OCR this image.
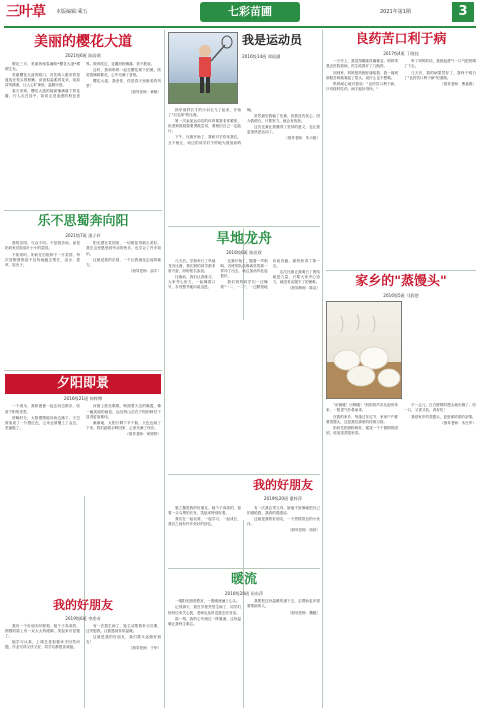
三叶草 本版编辑:乘五	七彩苗圃	2021年第1期	3
美丽的樱花大道
2021级6班 陈雨萌

假花三月，美丽热闹春满路*樱花大道*熠熠生光。

美丽樱花大道的路口，首先映入眼帘的是盛放在枝头的粉嫩，淡淡似温柔的花朵，宛如清风拂面，让人心旷神怡，温暖可爱。

春天来到，樱花大道的地面铺满落下的花瓣，行人走在其中，如同走进浪漫的粉色世界。微风吹过，花瓣纷纷飘落，美不胜收。

这时，我和妈妈一起在樱花树下拍照，欣赏着满树繁花，心中充满了喜悦。

樱花大道，我爱你，你是春天里最美的风景！

（指导老师：黄敏）
乐不思蜀奔向阳
2021级7班 邵子轩

我的乐园，与众不同。不是游乐场，而是奶奶家后院那片小小的菜园。

不知何时，奶奶在后院种下一片菜园，每次放假我都迫不及待地跑去帮忙，浇水、拔草、捉虫子。

阳光洒在菜园里，一切都显得那么美好。我在这里感受到劳动的快乐，也学会了许多知识。

这就是我的乐园，一个让我流连忘返的地方。

（指导老师：邵宇）
夕阳即景
2016级21班 何梓博

一个周末，我和爸爸一起去河边散步，欣赏夕阳的美景。

傍晚时分，太阳慢慢地向西边落下，天空被染成了一片橙红色，云朵也被镶上了金边，美丽极了。

河面上波光粼粼，映照着天边的晚霞，像一幅美丽的画卷。远处的山峦在夕阳的映衬下显得更加雄伟。

渐渐地，太阳只剩下半个脸，天色也暗了下来，我们踏着余晖回家，心里充满了快乐。

（指导老师：何婷婷）
我的好朋友
2019级6班 李奕奇

我有一个好朋友叫程莉，她个子高高的，圆圆的脸上有一双大大的眼睛，笑起来可爱极了。

她学习认真，上课总是积极举手回答问题，作业写得又快又好，同学们都很喜欢她。

有一次我生病了，她主动帮我补习功课，还安慰我，让我感到非常温暖。

这就是我的好朋友，我们要永远做好朋友！

（指导老师：于华）
我是运动员
2016级14班 郑雨涵

指甲那样长才的小羽毛飞了起来，开始了"羽毛球"的比赛。

第一次参加运动员的体育课我非常紧张，但老师鼓励我要勇敢尝试，要相信自己一定能行。

下午，比赛开始了，我和对手你来我往，互不相让，场边的同学们不停地为我加油呐喊。

虽然最后我输了比赛，但我没有灰心，因为我明白，只要努力，就会有收获。

这次比赛让我懂得了坚持的意义，也让我更加热爱运动了。

（指导老师：朱小艳）
旱地龙舟
2016级6班 陈田欣

几天后，学校举行了旱地龙舟比赛，我们班的同学都非常兴奋，纷纷报名参加。

比赛前，我们认真练习，大家齐心协力，一起喊着口号，步伐整齐地向前迈进。

比赛开始了，随着一声哨响，各班的队伍像离弦的箭一样冲了出去，场边加油声此起彼伏。

我们班的同学们一边喊着"一二、一二"，一边默契地向前奔跑，最终获得了第一名。

这次比赛让我明白了团结就是力量，只要大家齐心协力，就没有克服不了的困难。

（指导教师：陈洁）
我的好朋友
2019级20班 董梓萍

夏之馨是我的好朋友，她个子高高的，留着一头乌黑的长发，笑起来特别好看。

我们在一起玩耍，一起学习，一起成长，我们之间有许多美好的回忆。

有一次我忘带文具，她毫不犹豫地把自己的借给我，我真的很感动。

这就是我的好朋友，一个热情善良的小伙伴。

（指导老师：周萍）
暖流
2016级20班 田东萍

一缕阳光照进教室，一股暖流涌上心头。

记得那天，我在学校突然生病了，同学们纷纷过来关心我，老师也及时送我去医务室。

那一刻，我的心中流过一阵暖流，这份温暖让我终生难忘。

我要把这份温暖传递下去，去帮助更多需要帮助的人。

（指导老师：魏婕）
良药苦口利于病
2017级4班 丁晓钰

一天早上，我觉得喉咙疼痛难忍，妈妈带我去医院看病，医生给我开了几瓶药。

回到家，妈妈把药倒好递给我，我一闻到那股苦味就皱起了眉头，说什么也不想喝。

妈妈耐心地对我说："良药苦口利于病，只有按时吃药，病才能好得快。"

听了妈妈的话，我鼓起勇气一口气把药喝了下去。

几天后，我的病果然好了，我终于明白了"良药苦口利于病"的道理。

（指导老师：曹嘉燕）
家乡的"蒸馒头"
2016级5班 马润悠

"出锅喽！出锅喽！"奶奶的声音从厨房传来，一股香气扑鼻而来。

在我的家乡，每逢过年过节，家家户户都要蒸馒头，这是我们那里的传统习俗。

奶奶先把面粉和好，揉成一个个圆圆的面团，再放进蒸笼里蒸。

不一会儿，白白胖胖的馒头就出锅了，咬一口，又香又软，真好吃！

我爱家乡的蒸馒头，更爱那浓浓的亲情。

（指导老师：朱仕军）
